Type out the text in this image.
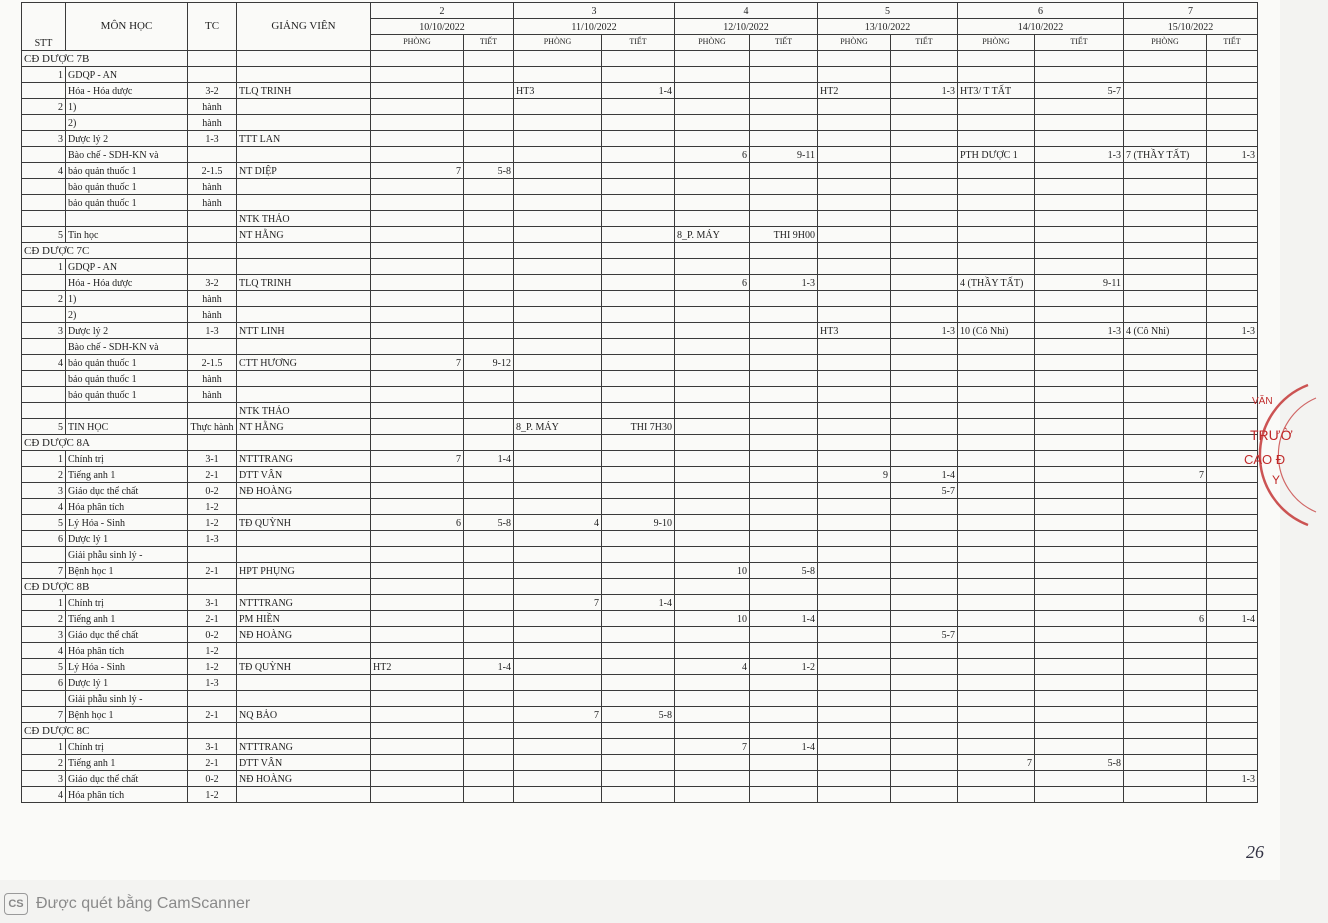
STT	MÔN HỌC	TC	GIẢNG VIÊN	2		3		4		5		6		7	
				10/10/2022		11/10/2022		12/10/2022		13/10/2022		14/10/2022		15/10/2022	
				PHÒNG	TIẾT	PHÒNG	TIẾT	PHÒNG	TIẾT	PHÒNG	TIẾT	PHÒNG	TIẾT	PHÒNG	TIẾT
CĐ DƯỢC 7B															
1	GDQP - AN														
	Hóa - Hóa dược	3-2	TLQ TRINH			HT3	1-4			HT2	1-3	HT3/ T TẤT	5-7		
2	1)	hành													
	2)	hành													
3	Dược lý 2	1-3	TTT LAN												
	Bào chế - SDH-KN và							6	9-11			PTH DƯỢC 1	1-3	7 (THẦY TẤT)	1-3
4	bảo quản thuốc 1	2-1.5	NT DIỆP	7	5-8										
	bào quản thuốc 1	hành													
	bảo quản thuốc 1	hành													
			NTK THẢO												
5	Tin học		NT HẰNG					8_P. MÁY	THI 9H00						
CĐ DƯỢC 7C															
1	GDQP - AN														
	Hóa - Hóa dược	3-2	TLQ TRINH					6	1-3			4 (THẦY TẤT)	9-11		
2	1)	hành													
	2)	hành													
3	Dược lý 2	1-3	NTT LINH							HT3	1-3	10 (Cô Nhi)	1-3	4 (Cô Nhi)	1-3
	Bào chế - SDH-KN và														
4	bảo quản thuốc 1	2-1.5	CTT HƯƠNG	7	9-12										
	bảo quản thuốc 1	hành													
	bảo quản thuốc 1	hành													
			NTK THẢO												
5	TIN HỌC	Thực hành	NT HẰNG			8_P. MÁY	THI 7H30								
CĐ DƯỢC 8A															
1	Chính trị	3-1	NTTTRANG	7	1-4										
2	Tiếng anh 1	2-1	DTT VÂN							9	1-4			7	
3	Giáo dục thể chất	0-2	NĐ HOÀNG								5-7				
4	Hóa phân tích	1-2													
5	Lý Hóa - Sinh	1-2	TĐ QUỲNH	6	5-8	4	9-10								
6	Dược lý 1	1-3													
	Giải phẫu sinh lý -														
7	Bệnh học 1	2-1	HPT PHỤNG					10	5-8						
CĐ DƯỢC 8B															
1	Chính trị	3-1	NTTTRANG			7	1-4								
2	Tiếng anh 1	2-1	PM HIỀN					10	1-4					6	1-4
3	Giáo dục thể chất	0-2	NĐ HOÀNG								5-7				
4	Hóa phân tích	1-2													
5	Lý Hóa - Sinh	1-2	TĐ QUỲNH	HT2	1-4			4	1-2						
6	Dược lý 1	1-3													
	Giải phẫu sinh lý -														
7	Bệnh học 1	2-1	NQ BẢO			7	5-8								
CĐ DƯỢC 8C															
1	Chính trị	3-1	NTTTRANG					7	1-4						
2	Tiếng anh 1	2-1	DTT VÂN									7	5-8		
3	Giáo dục thể chất	0-2	NĐ HOÀNG												1-3
4	Hóa phân tích	1-2													
VĂN
TRƯỜ
CAO Đ
Y
26
CS Được quét bằng CamScanner
